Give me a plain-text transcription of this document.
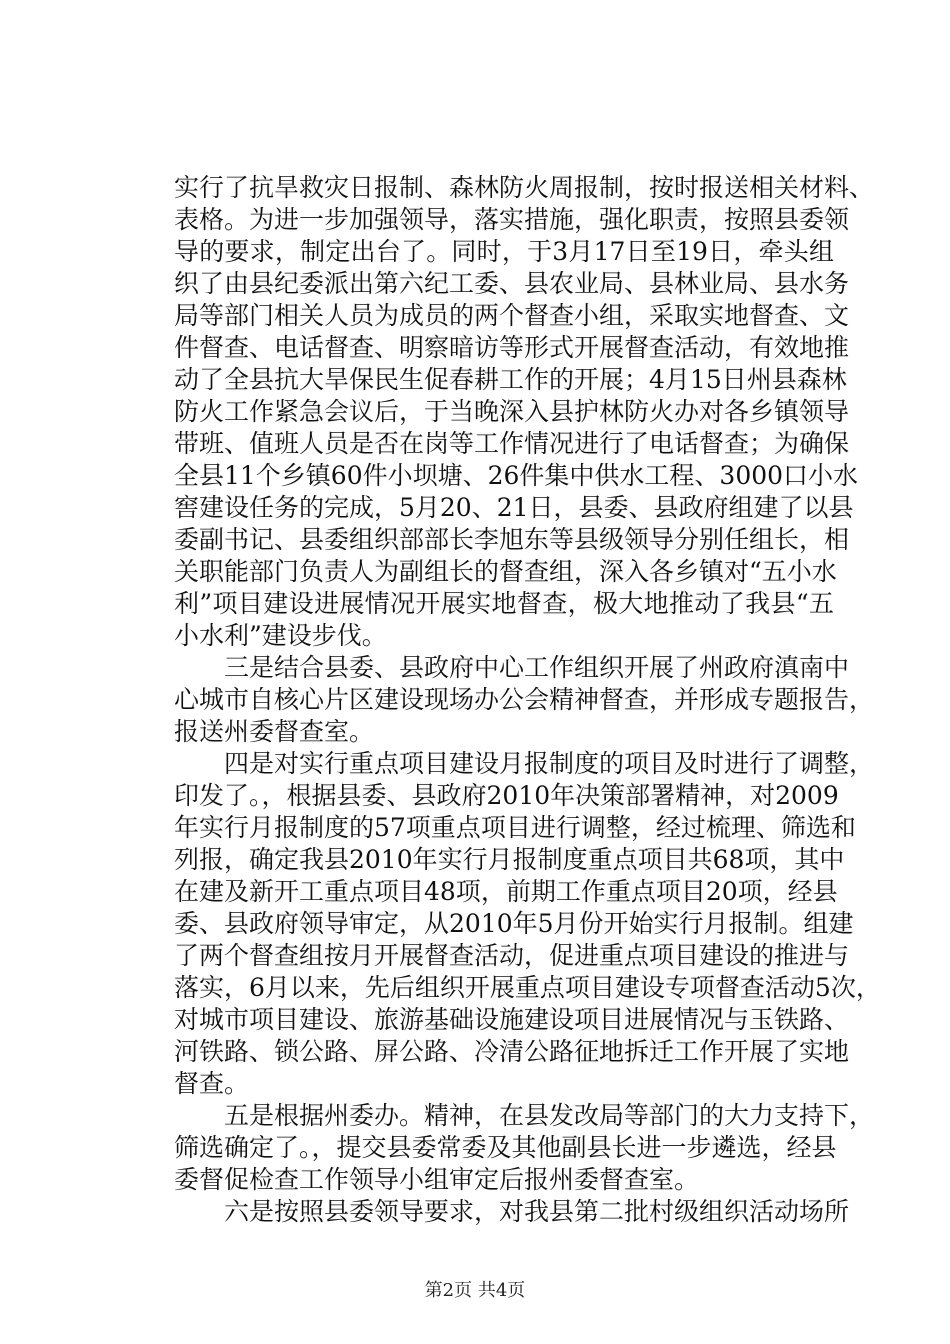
实行了抗旱救灾日报制、森林防火周报制，按时报送相关材料、
表格。为进一步加强领导，落实措施，强化职责，按照县委领
导的要求，制定出台了。同时，于3月17日至19日，牵头组
织了由县纪委派出第六纪工委、县农业局、县林业局、县水务
局等部门相关人员为成员的两个督查小组，采取实地督查、文
件督查、电话督查、明察暗访等形式开展督查活动，有效地推
动了全县抗大旱保民生促春耕工作的开展；4月15日州县森林
防火工作紧急会议后，于当晚深入县护林防火办对各乡镇领导
带班、值班人员是否在岗等工作情况进行了电话督查；为确保
全县11个乡镇60件小坝塘、26件集中供水工程、3000口小水
窖建设任务的完成，5月20、21日，县委、县政府组建了以县
委副书记、县委组织部部长李旭东等县级领导分别任组长，相
关职能部门负责人为副组长的督查组，深入各乡镇对“五小水
利”项目建设进展情况开展实地督查，极大地推动了我县“五
小水利”建设步伐。
　　三是结合县委、县政府中心工作组织开展了州政府滇南中
心城市自核心片区建设现场办公会精神督查，并形成专题报告，
报送州委督查室。
　　四是对实行重点项目建设月报制度的项目及时进行了调整，
印发了。，根据县委、县政府2010年决策部署精神，对2009
年实行月报制度的57项重点项目进行调整，经过梳理、筛选和
列报，确定我县2010年实行月报制度重点项目共68项，其中
在建及新开工重点项目48项，前期工作重点项目20项，经县
委、县政府领导审定，从2010年5月份开始实行月报制。组建
了两个督查组按月开展督查活动，促进重点项目建设的推进与
落实，6月以来，先后组织开展重点项目建设专项督查活动5次，
对城市项目建设、旅游基础设施建设项目进展情况与玉铁路、
河铁路、锁公路、屏公路、冷清公路征地拆迁工作开展了实地
督查。
　　五是根据州委办。精神，在县发改局等部门的大力支持下，
筛选确定了。，提交县委常委及其他副县长进一步遴选，经县
委督促检查工作领导小组审定后报州委督查室。
　　六是按照县委领导要求，对我县第二批村级组织活动场所
第2页 共4页
